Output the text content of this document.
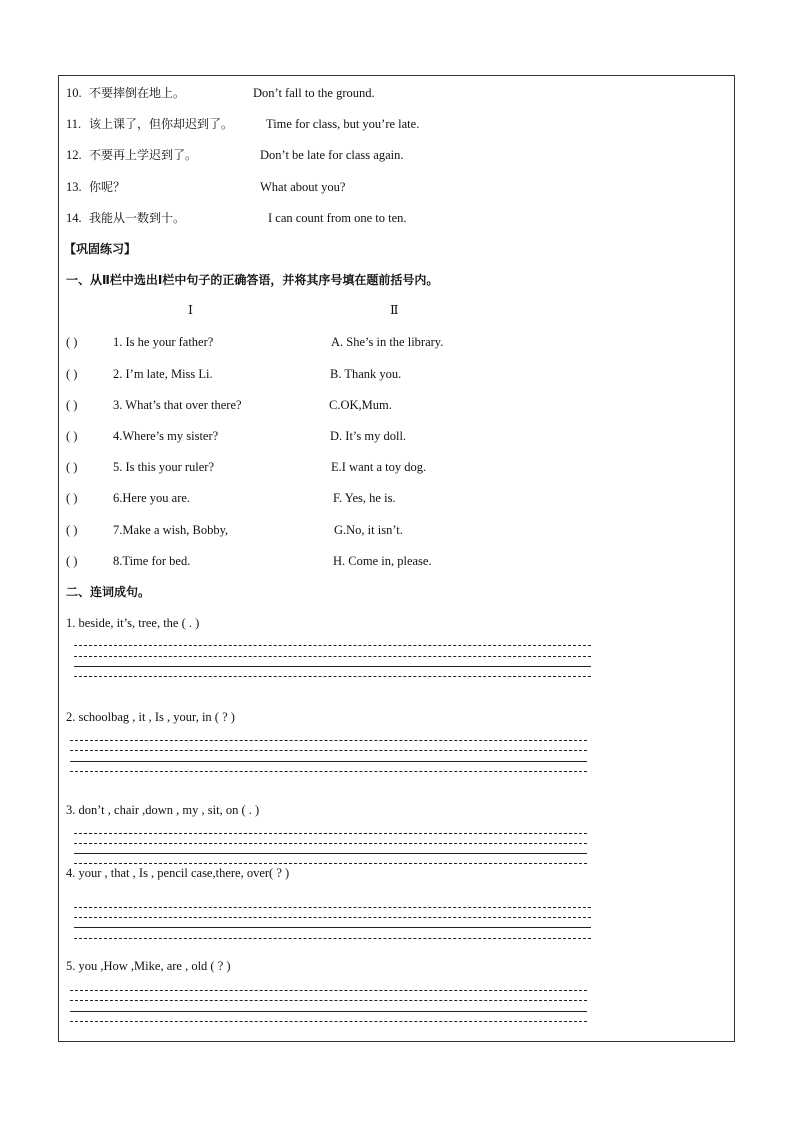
10. 不要摔倒在地上。	Don’t fall to the ground.
11. 该上课了，但你却迟到了。	Time for class, but you’re late.
12. 不要再上学迟到了。	Don’t be late for class again.
13. 你呢？	What about you?
14. 我能从一数到十。	I can count from one to ten.
【巩固练习】
一、从Ⅱ栏中选出Ⅰ栏中句子的正确答语，并将其序号填在题前括号内。
Ⅰ	Ⅱ
( )	1. Is he your father?	A. She’s in the library.
( )	2. I’m late, Miss Li.	B. Thank you.
( )	3. What’s that over there?	C.OK,Mum.
( )	4.Where’s my sister?	D. It’s my doll.
( )	5. Is this your ruler?	E.I want a toy dog.
( )	6.Here you are.	F. Yes, he is.
( )	7.Make a wish, Bobby,	G.No, it isn’t.
( )	8.Time for bed.	H. Come in, please.
二、连词成句。
1. beside, it’s, tree, the ( . )
2. schoolbag , it , Is , your, in ( ? )
3. don’t , chair ,down , my , sit, on ( . )
4. your , that , Is , pencil case,there, over( ? )
5. you ,How ,Mike, are , old ( ? )
